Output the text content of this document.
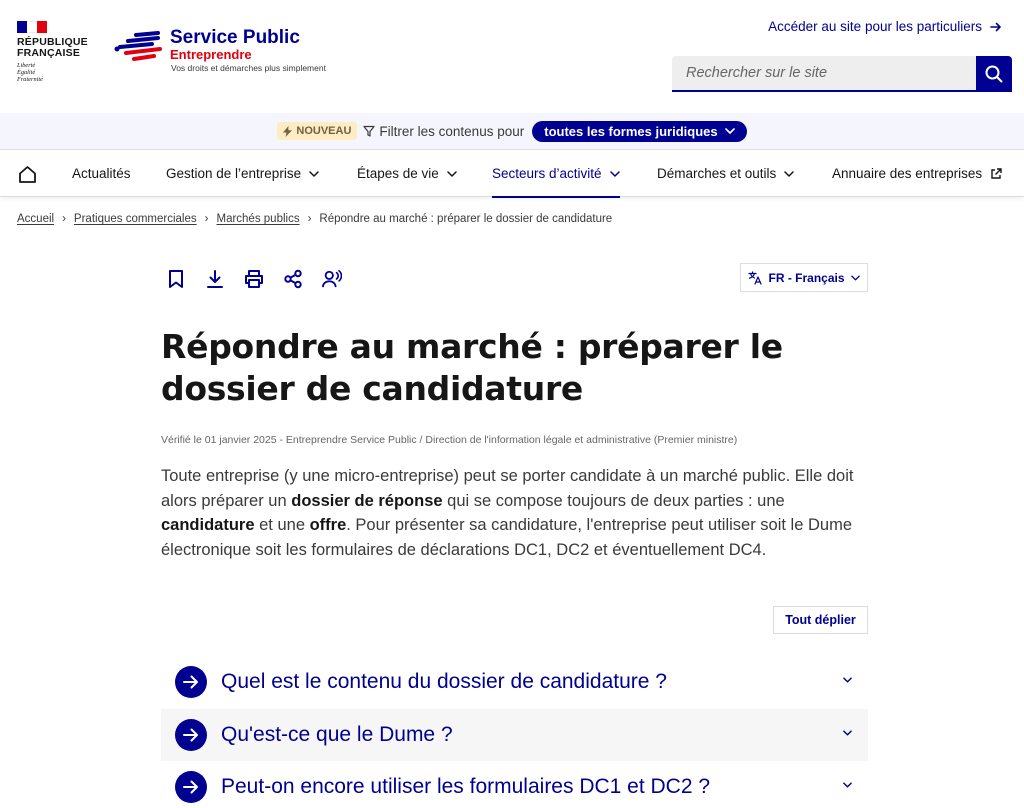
RÉPUBLIQUE
FRANÇAISE
Liberté
Égalité
Fraternité
Service Public
Entreprendre
Vos droits et démarches plus simplement
Accéder au site pour les particuliers
Rechercher sur le site
NOUVEAU Filtrer les contenus pour toutes les formes juridiques
Actualités	Gestion de l’entreprise	Étapes de vie	Secteurs d’activité	Démarches et outils	Annuaire des entreprises
Accueil › Pratiques commerciales › Marchés publics › Répondre au marché : préparer le dossier de candidature
FR - Français
Répondre au marché : préparer le dossier de candidature

Vérifié le 01 janvier 2025 - Entreprendre Service Public / Direction de l'information légale et administrative (Premier ministre)

Toute entreprise (y une micro-entreprise) peut se porter candidate à un marché public. Elle doit alors préparer un dossier de réponse qui se compose toujours de deux parties : une candidature et une offre. Pour présenter sa candidature, l'entreprise peut utiliser soit le Dume électronique soit les formulaires de déclarations DC1, DC2 et éventuellement DC4.

Tout déplier
Quel est le contenu du dossier de candidature ?
Qu'est-ce que le Dume ?
Peut-on encore utiliser les formulaires DC1 et DC2 ?
